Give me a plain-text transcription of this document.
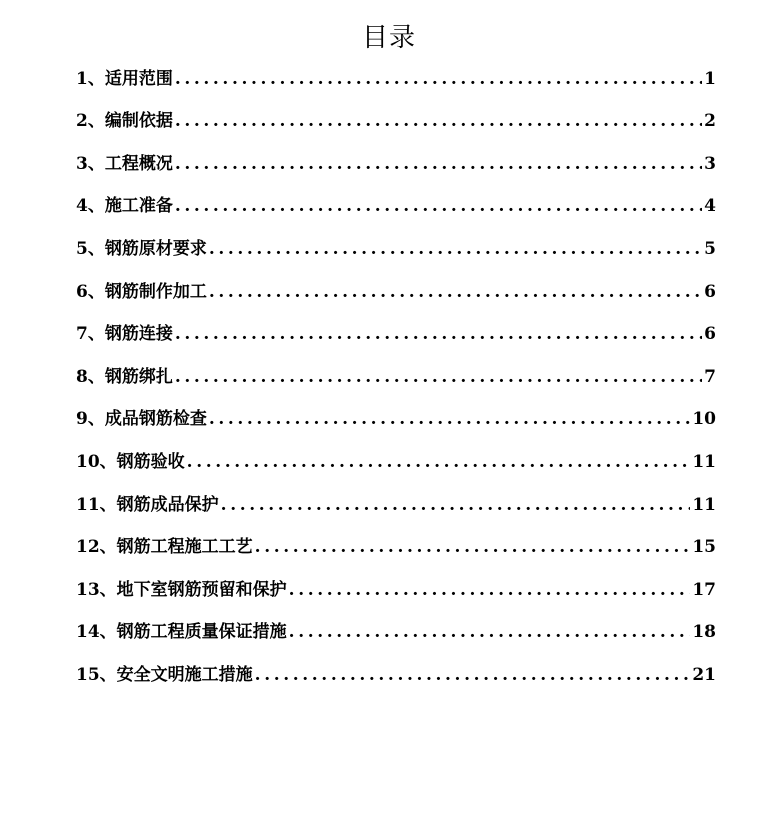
目录
1、适用范围 .....	1
2、编制依据 .....	2
3、工程概况 .....	3
4、施工准备 .....	4
5、钢筋原材要求 .....	5
6、钢筋制作加工 .....	6
7、钢筋连接 .....	6
8、钢筋绑扎 .....	7
9、成品钢筋检查 .....	10
10、钢筋验收 .....	11
11、钢筋成品保护 .....	11
12、钢筋工程施工工艺 .....	15
13、地下室钢筋预留和保护 .....	17
14、钢筋工程质量保证措施 .....	18
15、安全文明施工措施 .....	21
